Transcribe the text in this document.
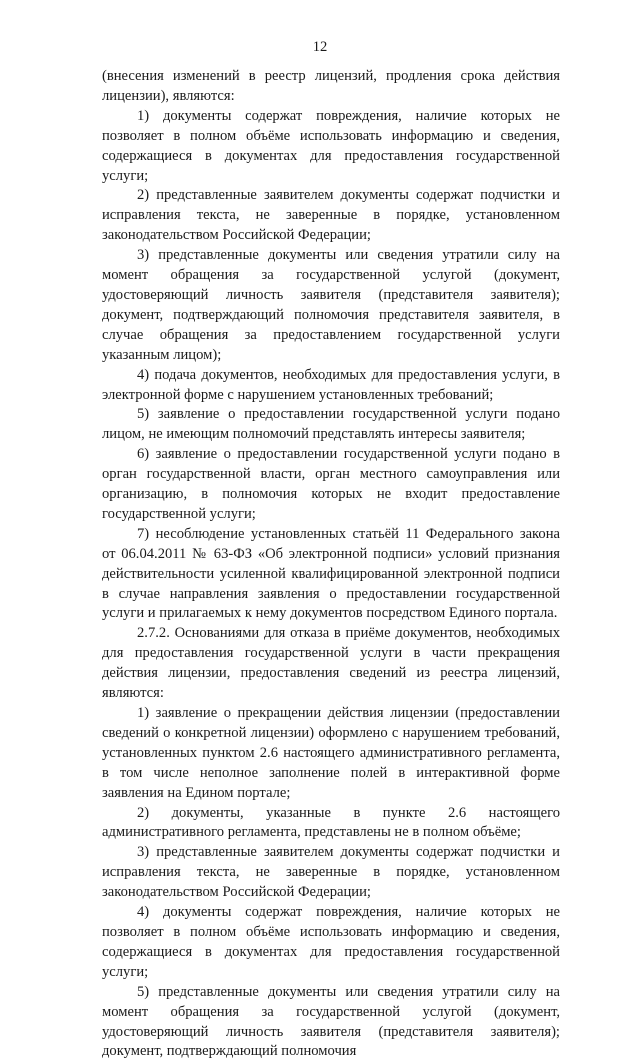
12

(внесения изменений в реестр лицензий, продления срока действия лицензии), являются:

1) документы содержат повреждения, наличие которых не позволяет в полном объёме использовать информацию и сведения, содержащиеся в документах для предоставления государственной услуги;

2) представленные заявителем документы содержат подчистки и исправления текста, не заверенные в порядке, установленном законодательством Российской Федерации;

3) представленные документы или сведения утратили силу на момент обращения за государственной услугой (документ, удостоверяющий личность заявителя (представителя заявителя); документ, подтверждающий полномочия представителя заявителя, в случае обращения за предоставлением государственной услуги указанным лицом);

4) подача документов, необходимых для предоставления услуги, в электронной форме с нарушением установленных требований;

5) заявление о предоставлении государственной услуги подано лицом, не имеющим полномочий представлять интересы заявителя;

6) заявление о предоставлении государственной услуги подано в орган государственной власти, орган местного самоуправления или организацию, в полномочия которых не входит предоставление государственной услуги;

7) несоблюдение установленных статьёй 11 Федерального закона от 06.04.2011 № 63-ФЗ «Об электронной подписи» условий признания действительности усиленной квалифицированной электронной подписи в случае направления заявления о предоставлении государственной услуги и прилагаемых к нему документов посредством Единого портала.

2.7.2. Основаниями для отказа в приёме документов, необходимых для предоставления государственной услуги в части прекращения действия лицензии, предоставления сведений из реестра лицензий, являются:

1) заявление о прекращении действия лицензии (предоставлении сведений о конкретной лицензии) оформлено с нарушением требований, установленных пунктом 2.6 настоящего административного регламента, в том числе неполное заполнение полей в интерактивной форме заявления на Едином портале;

2) документы, указанные в пункте 2.6 настоящего административного регламента, представлены не в полном объёме;

3) представленные заявителем документы содержат подчистки и исправления текста, не заверенные в порядке, установленном законодательством Российской Федерации;

4) документы содержат повреждения, наличие которых не позволяет в полном объёме использовать информацию и сведения, содержащиеся в документах для предоставления государственной услуги;

5) представленные документы или сведения утратили силу на момент обращения за государственной услугой (документ, удостоверяющий личность заявителя (представителя заявителя); документ, подтверждающий полномочия
